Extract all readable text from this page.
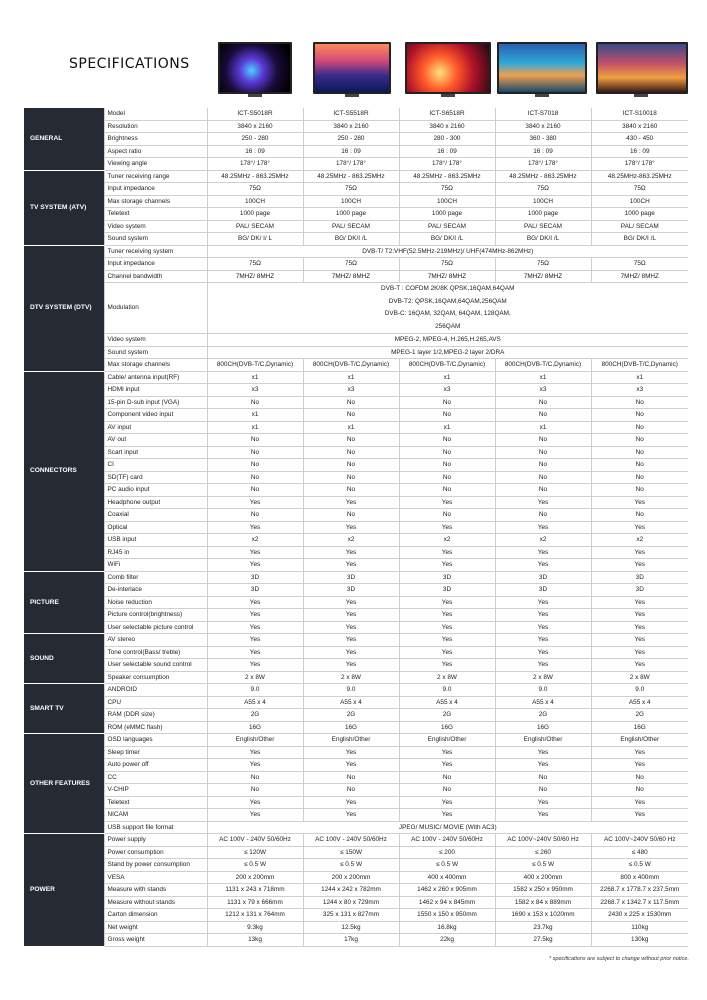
SPECIFICATIONS
GENERAL	Model	ICT-S5018R	ICT-S5518R	ICT-S6518R	ICT-S7018	ICT-S10018
	Resolution	3840 x 2160	3840 x 2160	3840 x 2160	3840 x 2160	3840 x 2160
	Brightness	250 - 280	250 - 280	280 - 300	360 - 380	430 - 450
	Aspect ratio	16 : 09	16 : 09	16 : 09	16 : 09	16 : 09
	Viewing angle	178°/ 178°	178°/ 178°	178°/ 178°	178°/ 178°	178°/ 178°
TV SYSTEM (ATV)	Tuner receiving range	48.25MHz - 863.25MHz	48.25MHz - 863.25MHz	48.25MHz - 863.25MHz	48.25MHz - 863.25MHz	48.25MHz-863.25MHz
	Input impedance	75Ω	75Ω	75Ω	75Ω	75Ω
	Max storage channels	100CH	100CH	100CH	100CH	100CH
	Teletext	1000 page	1000 page	1000 page	1000 page	1000 page
	Video system	PAL/ SECAM	PAL/ SECAM	PAL/ SECAM	PAL/ SECAM	PAL/ SECAM
	Sound system	BG/ DK/ I/ L	BG/ DK/I /L	BG/ DK/I /L	BG/ DK/I /L	BG/ DK/I /L
DTV SYSTEM (DTV)	Tuner receiving system	DVB-T/ T2:VHF(52.5MHz-219MHz)/ UHF(474MHz-862MHz)				
	Input impedance	75Ω	75Ω	75Ω	75Ω	75Ω
	Channel bandwidth	7MHZ/ 8MHZ	7MHZ/ 8MHZ	7MHZ/ 8MHZ	7MHZ/ 8MHZ	7MHZ/ 8MHZ
	Modulation	DVB-T : COFDM 2K/8K QPSK,16QAM,64QAM
DVB-T2: QPSK,16QAM,64QAM,256QAM
DVB-C: 16QAM, 32QAM, 64QAM, 128QAM,
256QAM				

	Video system	MPEG-2, MPEG-4, H.265,H.265,AVS				
	Sound system	MPEG-1 layer 1/2,MPEG-2 layer 2/DRA				
	Max storage channels	800CH(DVB-T/C,Dynamic)	800CH(DVB-T/C,Dynamic)	800CH(DVB-T/C,Dynamic)	800CH(DVB-T/C,Dynamic)	800CH(DVB-T/C,Dynamic)
CONNECTORS	Cable/ antenna input(RF)	x1	x1	x1	x1	x1
	HDMI input	x3	x3	x3	x3	x3
	15-pin D-sub input (VGA)	No	No	No	No	No
	Component video input	x1	No	No	No	No
	AV input	x1	x1	x1	x1	No
	AV out	No	No	No	No	No
	Scart input	No	No	No	No	No
	CI	No	No	No	No	No
	SD(TF) card	No	No	No	No	No
	PC audio input	No	No	No	No	No
	Headphone output	Yes	Yes	Yes	Yes	Yes
	Coaxial	No	No	No	No	No
	Optical	Yes	Yes	Yes	Yes	Yes
	USB input	x2	x2	x2	x2	x2
	RJ45 in	Yes	Yes	Yes	Yes	Yes
	WiFi	Yes	Yes	Yes	Yes	Yes
PICTURE	Comb filter	3D	3D	3D	3D	3D
	De-interlace	3D	3D	3D	3D	3D
	Noise reduction	Yes	Yes	Yes	Yes	Yes
	Picture control(brightness)	Yes	Yes	Yes	Yes	Yes
	User selectable picture control	Yes	Yes	Yes	Yes	Yes
SOUND	AV stereo	Yes	Yes	Yes	Yes	Yes
	Tone control(Bass/ treble)	Yes	Yes	Yes	Yes	Yes
	User selectable sound control	Yes	Yes	Yes	Yes	Yes
	Speaker consumption	2 x 8W	2 x 8W	2 x 8W	2 x 8W	2 x 8W
SMART TV	ANDROID	9.0	9.0	9.0	9.0	9.0
	CPU	A55 x 4	A55 x 4	A55 x 4	A55 x 4	A55 x 4
	RAM (DDR size)	2G	2G	2G	2G	2G
	ROM (eMMC flash)	16G	16G	16G	16G	16G
OTHER FEATURES	OSD languages	English/Other	English/Other	English/Other	English/Other	English/Other
	Sleep timer	Yes	Yes	Yes	Yes	Yes
	Auto power off	Yes	Yes	Yes	Yes	Yes
	CC	No	No	No	No	No
	V-CHIP	No	No	No	No	No
	Teletext	Yes	Yes	Yes	Yes	Yes
	NICAM	Yes	Yes	Yes	Yes	Yes
	USB support file format	JPEG/ MUSIC/ MOVIE (With AC3)				
POWER	Power supply	AC 100V - 240V 50/60Hz	AC 100V - 240V 50/60Hz	AC 100V - 240V 50/60Hz	AC 100V~240V 50/60 Hz	AC 100V~240V 50/60 Hz
	Power consumption	≤ 120W	≤ 150W	≤ 200	≤ 260	≤ 480
	Stand by power consumption	≤ 0.5 W	≤ 0.5 W	≤ 0.5 W	≤ 0.5 W	≤ 0.5 W
	VESA	200 x 200mm	200 x 200mm	400 x 400mm	400 x 200mm	800 x 400mm
	Measure with stands	1131 x 243 x 718mm	1244 x 242 x 782mm	1462 x 260 x 905mm	1582 x 250 x 950mm	2268.7 x 1778.7 x 237.5mm
	Measure without stands	1131 x 79 x 666mm	1244 x 80 x 729mm	1462 x 94 x 845mm	1582 x 84 x 889mm	2268.7 x 1342.7 x 117.5mm
	Carton dimension	1212 x 131 x 764mm	325 x 131 x 827mm	1550 x 150 x 950mm	1690 x 153 x 1020mm	2430 x 225 x 1530mm
	Net weight	9.3kg	12.5kg	16.8kg	23.7kg	110kg
	Gross weight	13kg	17kg	22kg	27.5kg	130kg
* specifications are subject to change without prior notice.
